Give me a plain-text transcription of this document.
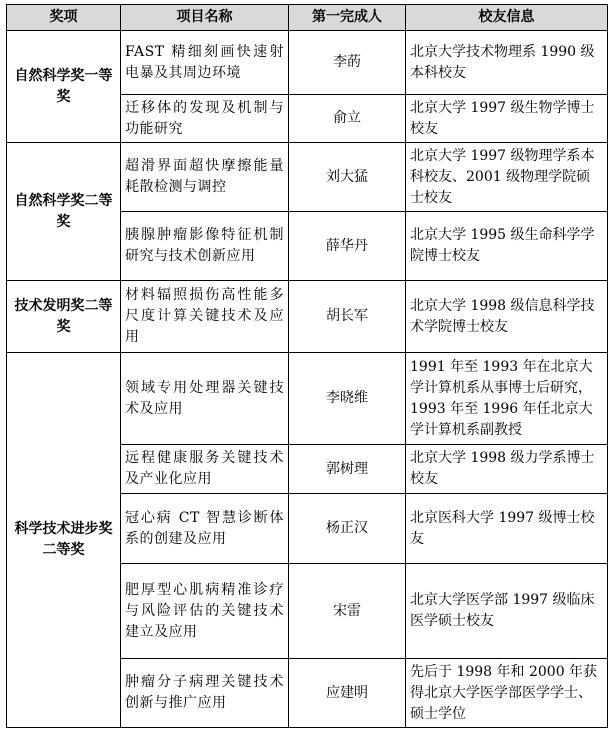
奖项	项目名称	第一完成人	校友信息
自然科学奖一等奖	FAST 精细刻画快速射电暴及其周边环境	李菂	北京大学技术物理系 1990 级本科校友
	迁移体的发现及机制与功能研究	俞立	北京大学 1997 级生物学博士校友
自然科学奖二等奖	超滑界面超快摩擦能量耗散检测与调控	刘大猛	北京大学 1997 级物理学系本科校友、2001 级物理学院硕士校友
	胰腺肿瘤影像特征机制研究与技术创新应用	薛华丹	北京大学 1995 级生命科学学院博士校友
技术发明奖二等奖	材料辐照损伤高性能多尺度计算关键技术及应用	胡长军	北京大学 1998 级信息科学技术学院博士校友
科学技术进步奖二等奖	领域专用处理器关键技术及应用	李晓维	1991 年至 1993 年在北京大学计算机系从事博士后研究，1993 年至 1996 年任北京大学计算机系副教授
	远程健康服务关键技术及产业化应用	郭树理	北京大学 1998 级力学系博士校友
	冠心病 CT 智慧诊断体系的创建及应用	杨正汉	北京医科大学 1997 级博士校友
	肥厚型心肌病精准诊疗与风险评估的关键技术建立及应用	宋雷	北京大学医学部 1997 级临床医学硕士校友
	肿瘤分子病理关键技术创新与推广应用	应建明	先后于 1998 年和 2000 年获得北京大学医学部医学学士、硕士学位
